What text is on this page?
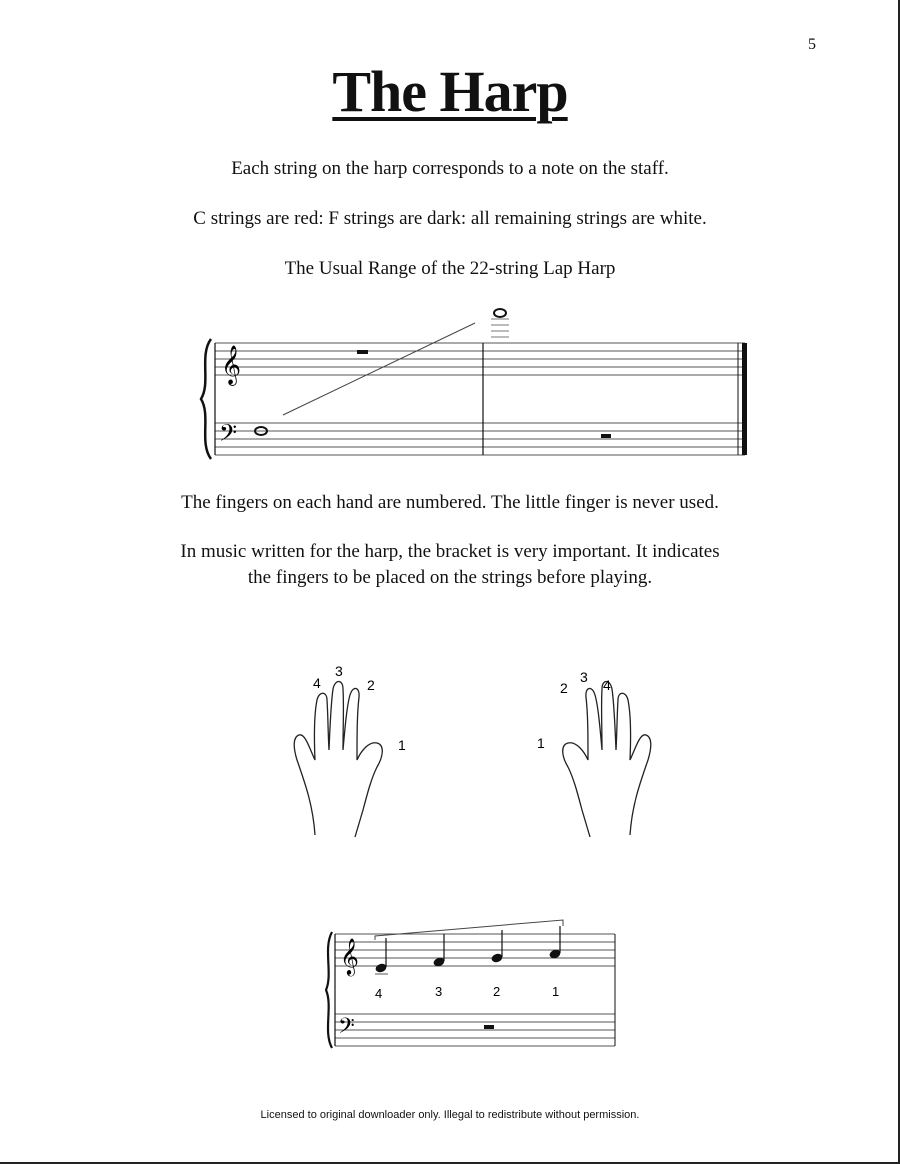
5
The Harp
Each string on the harp corresponds to a note on the staff.
C strings are red: F strings are dark: all remaining strings are white.
The Usual Range of the 22-string Lap Harp
𝄞
𝄢
The fingers on each hand are numbered. The little finger is never used.
In music written for the harp, the bracket is very important. It indicates
the fingers to be placed on the strings before playing.
4
3
2
1
2
3 4
1
𝄞
𝄢
4	3	2	1
Licensed to original downloader only. Illegal to redistribute without permission.
